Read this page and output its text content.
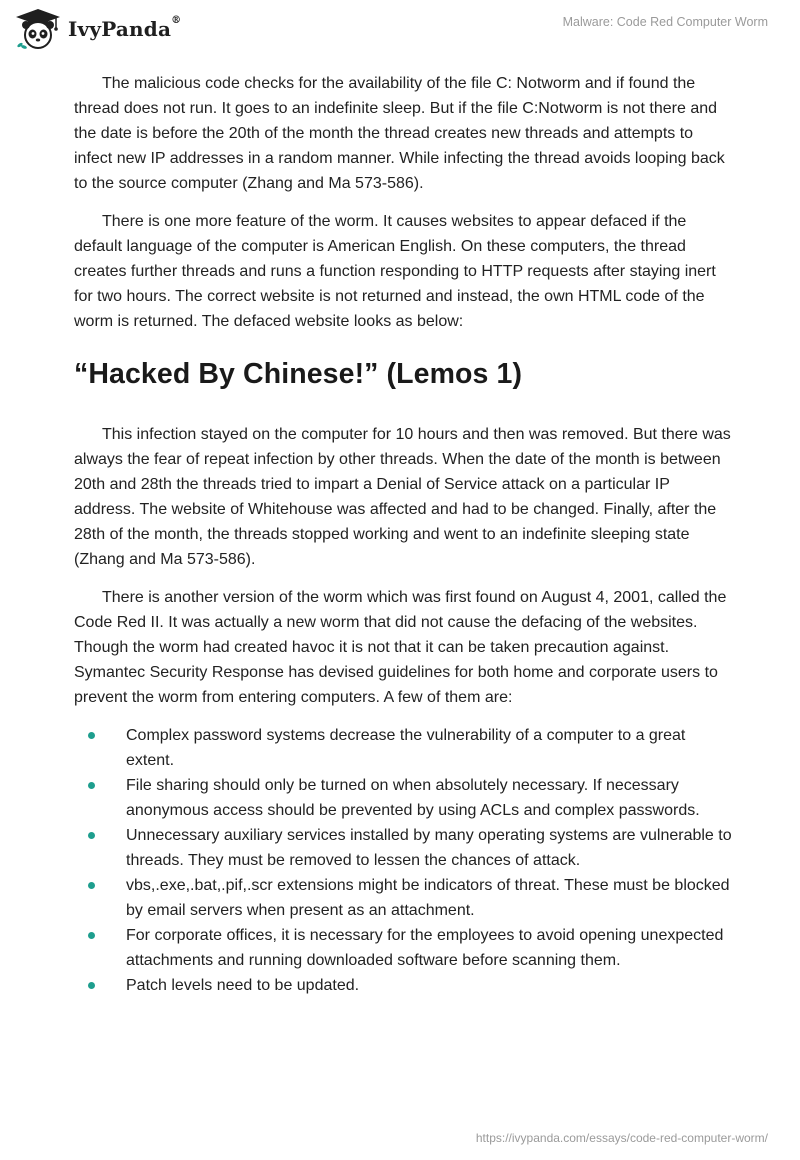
IvyPanda®	Malware: Code Red Computer Worm

The malicious code checks for the availability of the file C: Notworm and if found the thread does not run. It goes to an indefinite sleep. But if the file C:Notworm is not there and the date is before the 20th of the month the thread creates new threads and attempts to infect new IP addresses in a random manner. While infecting the thread avoids looping back to the source computer (Zhang and Ma 573-586).

There is one more feature of the worm. It causes websites to appear defaced if the default language of the computer is American English. On these computers, the thread creates further threads and runs a function responding to HTTP requests after staying inert for two hours. The correct website is not returned and instead, the own HTML code of the worm is returned. The defaced website looks as below:

“Hacked By Chinese!” (Lemos 1)

This infection stayed on the computer for 10 hours and then was removed. But there was always the fear of repeat infection by other threads. When the date of the month is between 20th and 28th the threads tried to impart a Denial of Service attack on a particular IP address. The website of Whitehouse was affected and had to be changed. Finally, after the 28th of the month, the threads stopped working and went to an indefinite sleeping state (Zhang and Ma 573-586).

There is another version of the worm which was first found on August 4, 2001, called the Code Red II. It was actually a new worm that did not cause the defacing of the websites. Though the worm had created havoc it is not that it can be taken precaution against. Symantec Security Response has devised guidelines for both home and corporate users to prevent the worm from entering computers. A few of them are:

Complex password systems decrease the vulnerability of a computer to a great extent.
File sharing should only be turned on when absolutely necessary. If necessary anonymous access should be prevented by using ACLs and complex passwords.
Unnecessary auxiliary services installed by many operating systems are vulnerable to threads. They must be removed to lessen the chances of attack.
vbs,.exe,.bat,.pif,.scr extensions might be indicators of threat. These must be blocked by email servers when present as an attachment.
For corporate offices, it is necessary for the employees to avoid opening unexpected attachments and running downloaded software before scanning them.
Patch levels need to be updated.
https://ivypanda.com/essays/code-red-computer-worm/
